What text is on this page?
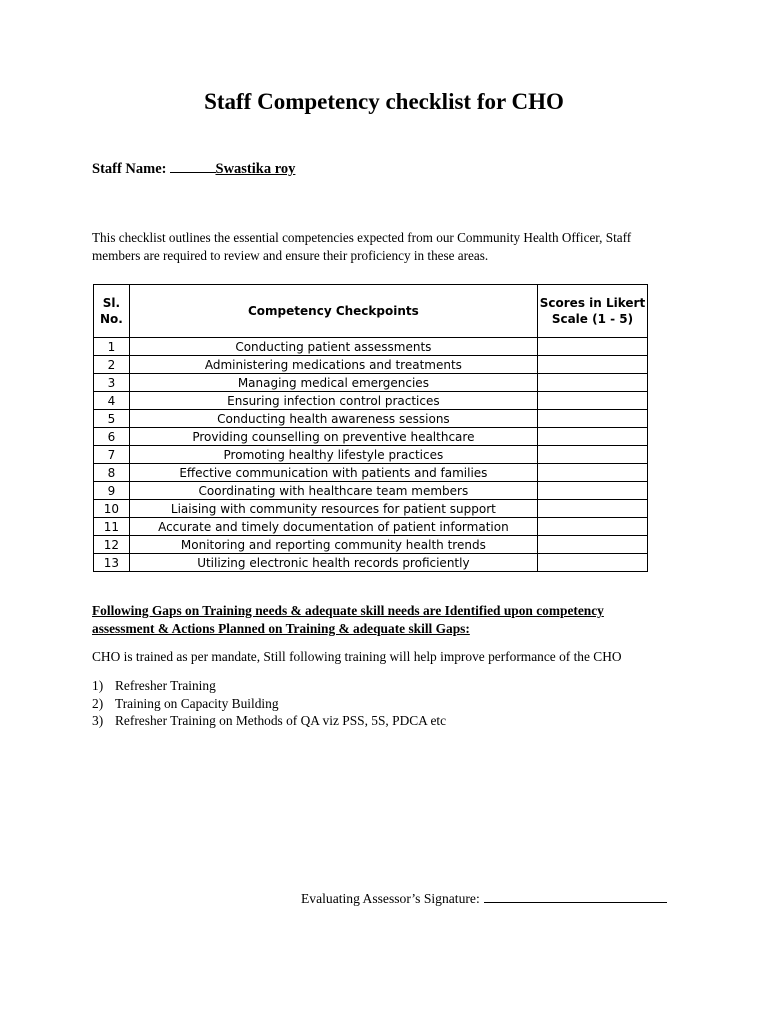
Staff Competency checklist for CHO
Staff Name:	Swastika roy
This checklist outlines the essential competencies expected from our Community Health Officer, Staff members are required to review and ensure their proficiency in these areas.
Sl. No.	Competency Checkpoints	Scores in Likert Scale (1 - 5)
1	Conducting patient assessments	
2	Administering medications and treatments	
3	Managing medical emergencies	
4	Ensuring infection control practices	
5	Conducting health awareness sessions	
6	Providing counselling on preventive healthcare	
7	Promoting healthy lifestyle practices	
8	Effective communication with patients and families	
9	Coordinating with healthcare team members	
10	Liaising with community resources for patient support	
11	Accurate and timely documentation of patient information	
12	Monitoring and reporting community health trends	
13	Utilizing electronic health records proficiently	
Following Gaps on Training needs & adequate skill needs are Identified upon competency assessment & Actions Planned on Training & adequate skill Gaps:
CHO is trained as per mandate, Still following training will help improve performance of the CHO
1) Refresher Training
2) Training on Capacity Building
3) Refresher Training on Methods of QA viz PSS, 5S, PDCA etc
Evaluating Assessor’s Signature:
